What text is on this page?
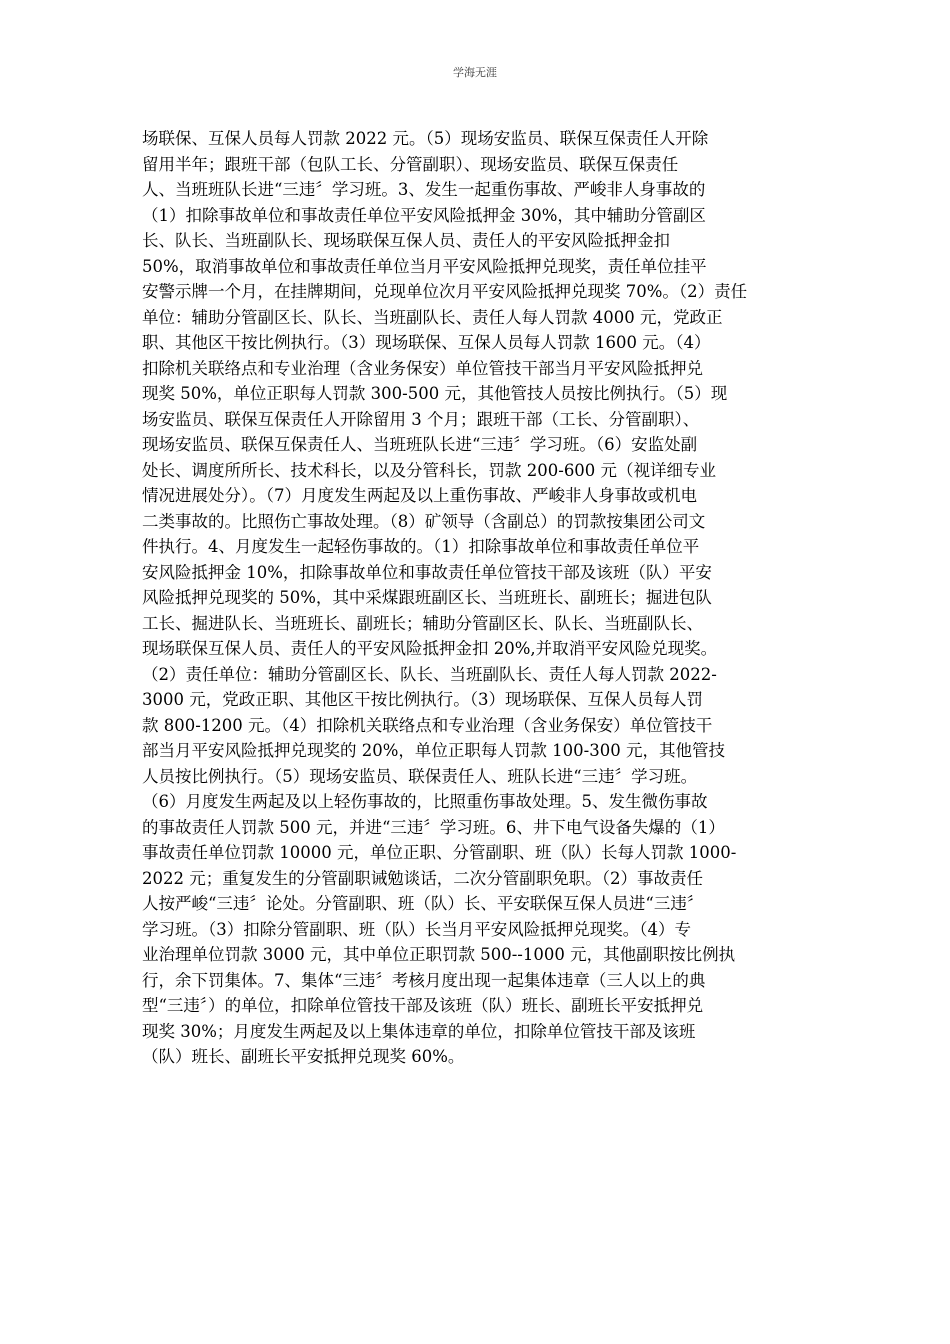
学海无涯
场联保、互保人员每人罚款 2022 元。（5）现场安监员、联保互保责任人开除
留用半年；跟班干部（包队工长、分管副职）、现场安监员、联保互保责任
人、当班班队长进“三违〞学习班。3、发生一起重伤事故、严峻非人身事故的
（1）扣除事故单位和事故责任单位平安风险抵押金 30%，其中辅助分管副区
长、队长、当班副队长、现场联保互保人员、责任人的平安风险抵押金扣
50%，取消事故单位和事故责任单位当月平安风险抵押兑现奖，责任单位挂平
安警示牌一个月，在挂牌期间，兑现单位次月平安风险抵押兑现奖 70%。（2）责任
单位：辅助分管副区长、队长、当班副队长、责任人每人罚款 4000 元，党政正
职、其他区干按比例执行。（3）现场联保、互保人员每人罚款 1600 元。（4）
扣除机关联络点和专业治理（含业务保安）单位管技干部当月平安风险抵押兑
现奖 50%，单位正职每人罚款 300-500 元，其他管技人员按比例执行。（5）现
场安监员、联保互保责任人开除留用 3 个月；跟班干部（工长、分管副职）、
现场安监员、联保互保责任人、当班班队长进“三违〞学习班。（6）安监处副
处长、调度所所长、技术科长，以及分管科长，罚款 200-600 元（视详细专业
情况进展处分）。（7）月度发生两起及以上重伤事故、严峻非人身事故或机电
二类事故的。比照伤亡事故处理。（8）矿领导（含副总）的罚款按集团公司文
件执行。4、月度发生一起轻伤事故的。（1）扣除事故单位和事故责任单位平
安风险抵押金 10%，扣除事故单位和事故责任单位管技干部及该班（队）平安
风险抵押兑现奖的 50%，其中采煤跟班副区长、当班班长、副班长；掘进包队
工长、掘进队长、当班班长、副班长；辅助分管副区长、队长、当班副队长、
现场联保互保人员、责任人的平安风险抵押金扣 20%,并取消平安风险兑现奖。
（2）责任单位：辅助分管副区长、队长、当班副队长、责任人每人罚款 2022-
3000 元，党政正职、其他区干按比例执行。（3）现场联保、互保人员每人罚
款 800-1200 元。（4）扣除机关联络点和专业治理（含业务保安）单位管技干
部当月平安风险抵押兑现奖的 20%，单位正职每人罚款 100-300 元，其他管技
人员按比例执行。（5）现场安监员、联保责任人、班队长进“三违〞学习班。
（6）月度发生两起及以上轻伤事故的，比照重伤事故处理。5、发生微伤事故
的事故责任人罚款 500 元，并进“三违〞学习班。6、井下电气设备失爆的（1）
事故责任单位罚款 10000 元，单位正职、分管副职、班（队）长每人罚款 1000-
2022 元；重复发生的分管副职诫勉谈话，二次分管副职免职。（2）事故责任
人按严峻“三违〞论处。分管副职、班（队）长、平安联保互保人员进“三违〞
学习班。（3）扣除分管副职、班（队）长当月平安风险抵押兑现奖。（4）专
业治理单位罚款 3000 元，其中单位正职罚款 500--1000 元，其他副职按比例执
行，余下罚集体。7、集体“三违〞考核月度出现一起集体违章（三人以上的典
型“三违〞）的单位，扣除单位管技干部及该班（队）班长、副班长平安抵押兑
现奖 30%；月度发生两起及以上集体违章的单位，扣除单位管技干部及该班
（队）班长、副班长平安抵押兑现奖 60%。
